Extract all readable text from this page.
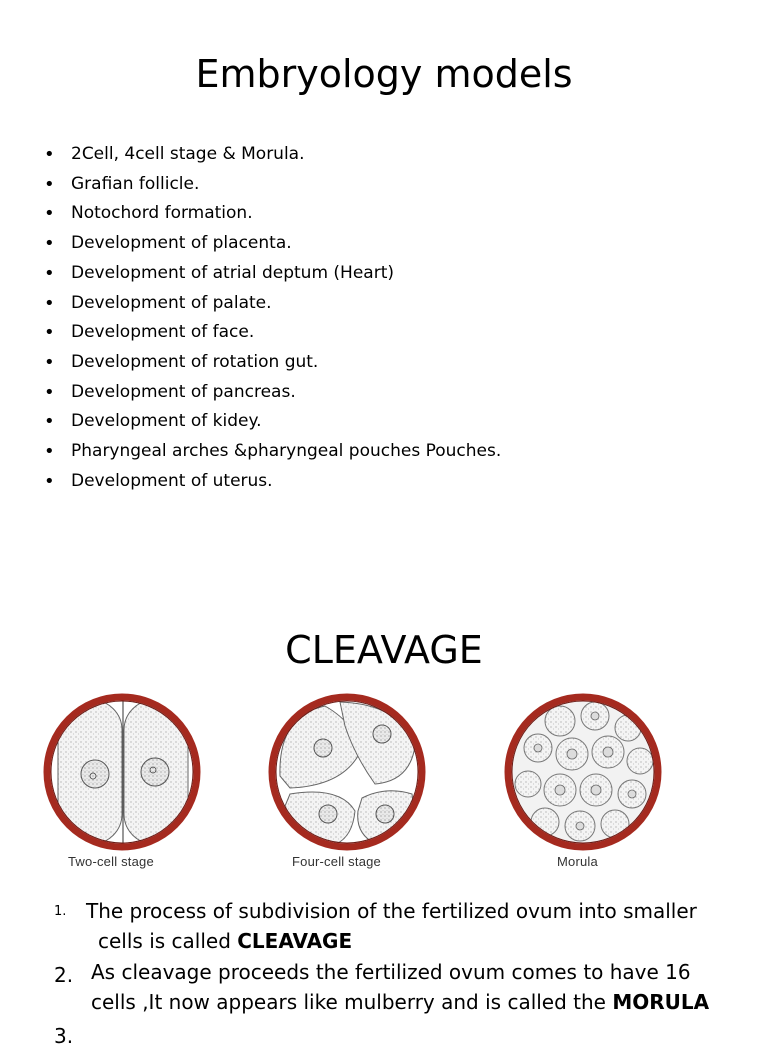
Embryology models
• 2Cell, 4cell stage & Morula.
• Grafian follicle.
• Notochord formation.
• Development of placenta.
• Development of atrial deptum (Heart)
• Development of palate.
• Development of face.
• Development of rotation gut.
• Development of pancreas.
• Development of kidey.
• Pharyngeal arches &pharyngeal pouches Pouches.
• Development of uterus.
CLEAVAGE
Two-cell stage	Four-cell stage	Morula
1. The process of subdivision of the fertilized ovum into smaller
cells is called CLEAVAGE
2. As cleavage proceeds the fertilized ovum comes to have 16
cells ,It now appears like mulberry and is called the MORULA
3.
